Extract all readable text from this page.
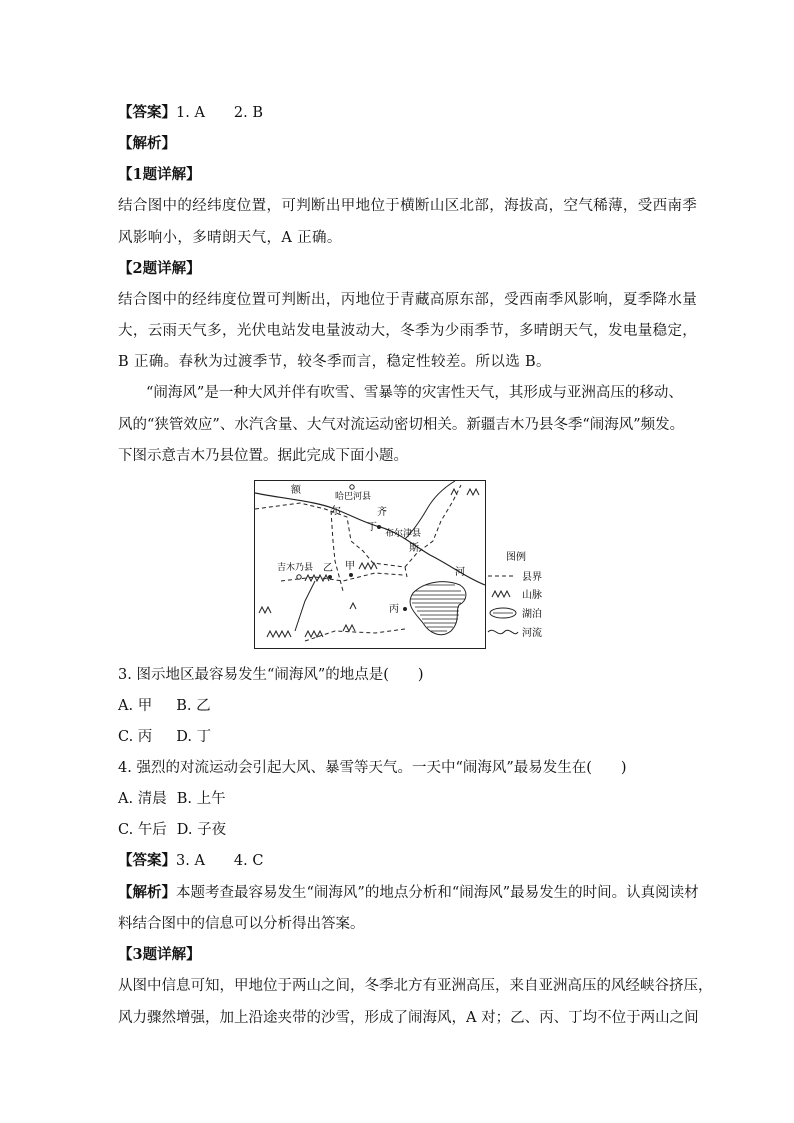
【答案】1. A　　2. B
【解析】
【1题详解】
结合图中的经纬度位置，可判断出甲地位于横断山区北部，海拔高，空气稀薄，受西南季
风影响小，多晴朗天气，A 正确。
【2题详解】
结合图中的经纬度位置可判断出，丙地位于青藏高原东部，受西南季风影响，夏季降水量
大，云雨天气多，光伏电站发电量波动大，冬季为少雨季节，多晴朗天气，发电量稳定，
B 正确。春秋为过渡季节，较冬季而言，稳定性较差。所以选 B。
“闹海风”是一种大风并伴有吹雪、雪暴等的灾害性天气，其形成与亚洲高压的移动、
风的“狭管效应”、水汽含量、大气对流运动密切相关。新疆吉木乃县冬季“闹海风”频发。
下图示意吉木乃县位置。据此完成下面小题。
额
哈巴河县
尔	齐
丁
布尔津县
斯
河
吉木乃县 乙 甲
丙
图例
县界
山脉
湖泊
河流
3. 图示地区最容易发生“闹海风”的地点是(　　)
A. 甲 B. 乙
C. 丙 D. 丁
4. 强烈的对流运动会引起大风、暴雪等天气。一天中“闹海风”最易发生在(　　)
A. 清晨 B. 上午
C. 午后 D. 子夜
【答案】3. A　　4. C
【解析】本题考查最容易发生“闹海风”的地点分析和“闹海风”最易发生的时间。认真阅读材
料结合图中的信息可以分析得出答案。
【3题详解】
从图中信息可知，甲地位于两山之间，冬季北方有亚洲高压，来自亚洲高压的风经峡谷挤压，
风力骤然增强，加上沿途夹带的沙雪，形成了闹海风，A 对；乙、丙、丁均不位于两山之间
